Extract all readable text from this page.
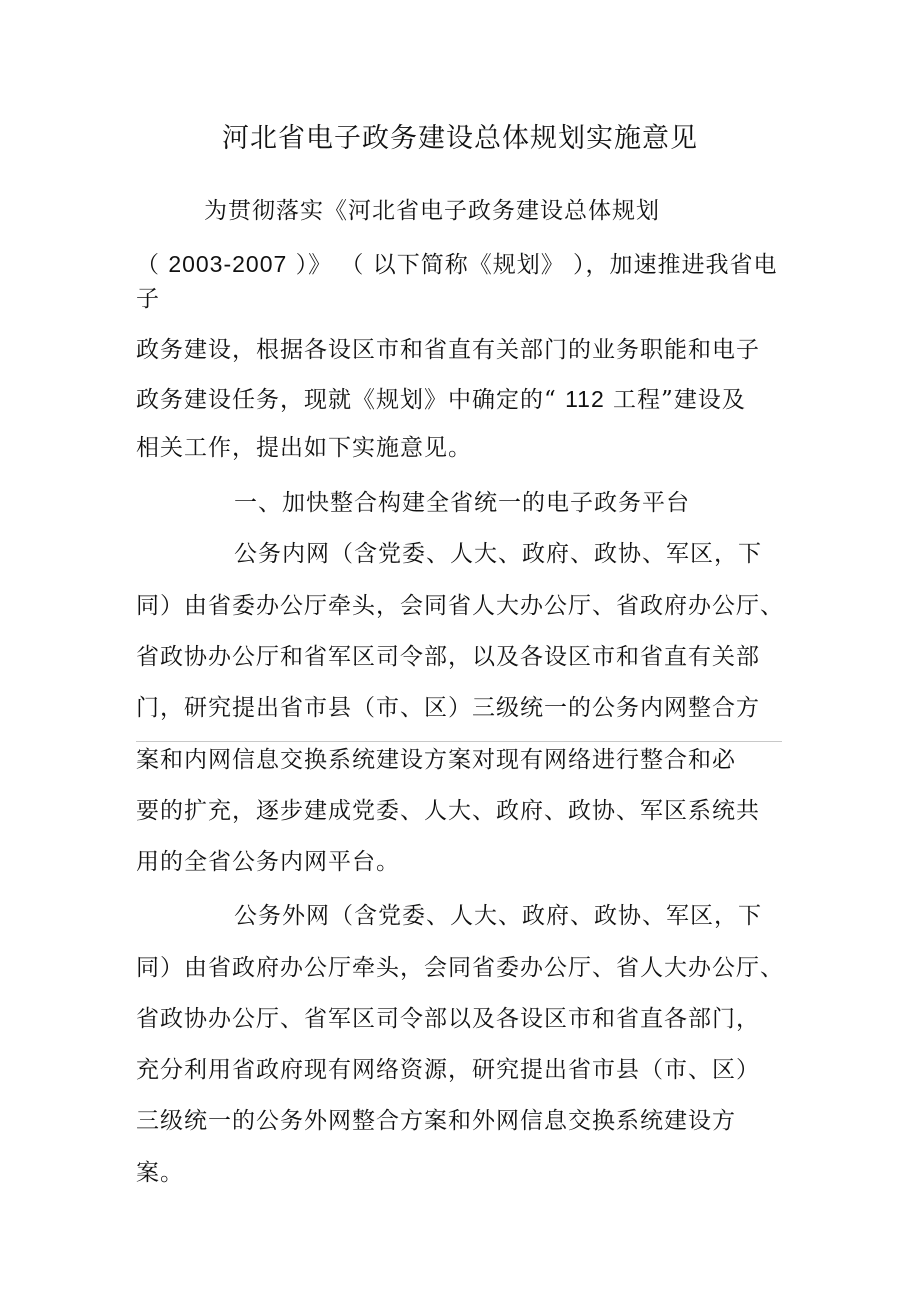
河北省电子政务建设总体规划实施意见
为贯彻落实《河北省电子政务建设总体规划
（ 2003-2007 ）》 （ 以下简称《规划》 ），加速推进我省电
子
政务建设，根据各设区市和省直有关部门的业务职能和电子
政务建设任务，现就《规划》中确定的“ 112 工程”建设及
相关工作，提出如下实施意见。
一、加快整合构建全省统一的电子政务平台
公务内网（含党委、人大、政府、政协、军区，下
同）由省委办公厅牵头，会同省人大办公厅、省政府办公厅、
省政协办公厅和省军区司令部，以及各设区市和省直有关部
门，研究提出省市县（市、区）三级统一的公务内网整合方
案和内网信息交换系统建设方案对现有网络进行整合和必
要的扩充，逐步建成党委、人大、政府、政协、军区系统共
用的全省公务内网平台。
公务外网（含党委、人大、政府、政协、军区，下
同）由省政府办公厅牵头，会同省委办公厅、省人大办公厅、
省政协办公厅、省军区司令部以及各设区市和省直各部门，
充分利用省政府现有网络资源，研究提出省市县（市、区）
三级统一的公务外网整合方案和外网信息交换系统建设方
案。
